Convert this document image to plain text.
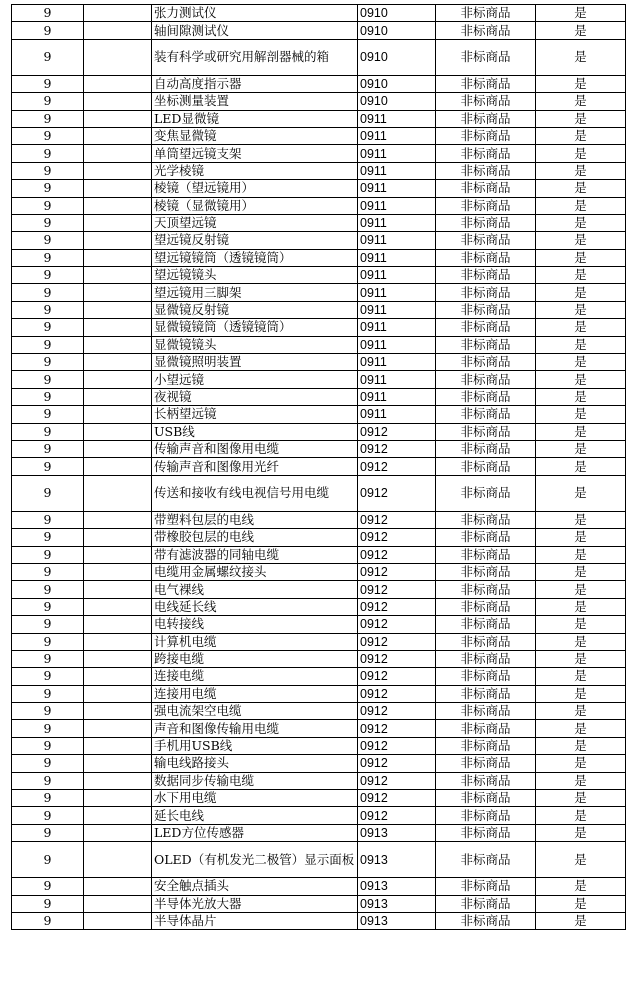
9		张力测试仪	0910	非标商品	是
9		轴间隙测试仪	0910	非标商品	是
9		装有科学或研究用解剖器械的箱	0910	非标商品	是
9		自动高度指示器	0910	非标商品	是
9		坐标测量装置	0910	非标商品	是
9		LED显微镜	0911	非标商品	是
9		变焦显微镜	0911	非标商品	是
9		单筒望远镜支架	0911	非标商品	是
9		光学棱镜	0911	非标商品	是
9		棱镜（望远镜用）	0911	非标商品	是
9		棱镜（显微镜用）	0911	非标商品	是
9		天顶望远镜	0911	非标商品	是
9		望远镜反射镜	0911	非标商品	是
9		望远镜镜筒（透镜镜筒）	0911	非标商品	是
9		望远镜镜头	0911	非标商品	是
9		望远镜用三脚架	0911	非标商品	是
9		显微镜反射镜	0911	非标商品	是
9		显微镜镜筒（透镜镜筒）	0911	非标商品	是
9		显微镜镜头	0911	非标商品	是
9		显微镜照明装置	0911	非标商品	是
9		小望远镜	0911	非标商品	是
9		夜视镜	0911	非标商品	是
9		长柄望远镜	0911	非标商品	是
9		USB线	0912	非标商品	是
9		传输声音和图像用电缆	0912	非标商品	是
9		传输声音和图像用光纤	0912	非标商品	是
9		传送和接收有线电视信号用电缆	0912	非标商品	是
9		带塑料包层的电线	0912	非标商品	是
9		带橡胶包层的电线	0912	非标商品	是
9		带有滤波器的同轴电缆	0912	非标商品	是
9		电缆用金属螺纹接头	0912	非标商品	是
9		电气裸线	0912	非标商品	是
9		电线延长线	0912	非标商品	是
9		电转接线	0912	非标商品	是
9		计算机电缆	0912	非标商品	是
9		跨接电缆	0912	非标商品	是
9		连接电缆	0912	非标商品	是
9		连接用电缆	0912	非标商品	是
9		强电流架空电缆	0912	非标商品	是
9		声音和图像传输用电缆	0912	非标商品	是
9		手机用USB线	0912	非标商品	是
9		输电线路接头	0912	非标商品	是
9		数据同步传输电缆	0912	非标商品	是
9		水下用电缆	0912	非标商品	是
9		延长电线	0912	非标商品	是
9		LED方位传感器	0913	非标商品	是
9		OLED（有机发光二极管）显示面板	0913	非标商品	是
9		安全触点插头	0913	非标商品	是
9		半导体光放大器	0913	非标商品	是
9		半导体晶片	0913	非标商品	是
